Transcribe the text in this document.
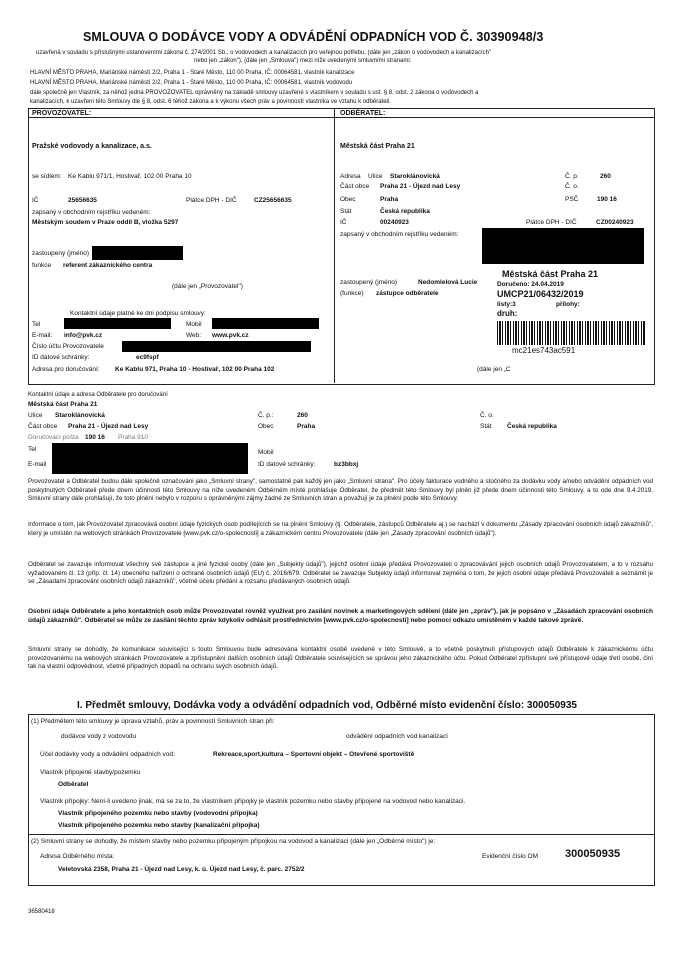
SMLOUVA O DODÁVCE VODY A ODVÁDĚNÍ ODPADNÍCH VOD Č. 30390948/3
uzavřená v souladu s příslušnými ustanoveními zákona č. 274/2001 Sb., o vodovodech a kanalizacích pro veřejnou potřebu, (dále jen „zákon o vodovodech a kanalizacích"
nebo jen „zákon"), (dále jen „Smlouva") mezi níže uvedenými smluvními stranami:
HLAVNÍ MĚSTO PRAHA, Mariánské náměstí 2/2, Praha 1 - Staré Město, 110 00 Praha, IČ: 00064581, vlastník kanalizace
HLAVNÍ MĚSTO PRAHA, Mariánské náměstí 2/2, Praha 1 - Staré Město, 110 00 Praha, IČ: 00064581, vlastník vodovodu
dále společně jen Vlastník, za něhož jedná PROVOZOVATEL oprávněný na základě smlouvy uzavřené s vlastníkem v souladu s ust. § 8, odst. 2 zákona o vodovodech a
kanalizacích, k uzavření této Smlouvy dle § 8, odst. 6 téhož zákona a k výkonu všech práv a povinností vlastníka ve vztahu k odběrateli.
PROVOZOVATEL:
Pražské vodovody a kanalizace, a.s.
se sídlem: Ke Kablu 971/1, Hostivař, 102 00 Praha 10
IČ	25656635	Plátce DPH - DIČ	CZ25656635
zapsaný v obchodním rejstříku vedeném:
Městským soudem v Praze oddíl B, vložka 5297
zastoupený (jméno)
funkce referent zákaznického centra
(dále jen „Provozovatel")
Kontaktní údaje platné ke dni podpisu smlouvy:
Tel	Mobil
E-mail: info@pvk.cz	Web: www.pvk.cz
Číslo účtu Provozovatele
ID datové schránky:	ec9fspf
Adresa pro doručování: Ke Kablu 971, Praha 10 - Hostivař, 102 00 Praha 102
ODBĚRATEL:
Městská část Praha 21
Adresa Ulice Staroklánovická	Č. p.	260
Část obce Praha 21 - Újezd nad Lesy	Č. o.
Obec	Praha	PSČ	190 16
Stát	Česká republika
IČ	00240923	Plátce DPH - DIČ	CZ00240923
zapsaný v obchodním rejstříku vedeném:
zastoupený (jméno)	Nedomlelová Lucie
(funkce) zástupce odběratele
(dále jen „C
Městská část Praha 21
Doručeno: 24.04.2019
UMCP21/06432/2019
listy:3	přílohy:
druh:
mc21es743ac591
Kontaktní údaje a adresa Odběratele pro doručování
Městská část Praha 21
Ulice Staroklánovická	Č. p.:	260	Č. o.
Část obce Praha 21 - Újezd nad Lesy	Obec	Praha	Stát Česká republika
Doručovací pošta 190 16 Praha 910
Tel	Mobil
E-mail	ID datové schránky:	bz3bbxj
Provozovatel a Odběratel budou dále společně označováni jako „Smluvní strany", samostatně pak každý jen jako „Smluvní strana". Pro účely fakturace vodného a stočného za dodávku vody a/nebo odvádění odpadních vod poskytnutých Odběrateli přede dnem účinnosti této Smlouvy na níže uvedeném Odběrném místě prohlašuje Odběratel, že předmět této Smlouvy byl plněn již přede dnem účinnosti této Smlouvy, a to ode dne 9.4.2019. Smluvní strany dále prohlašují, že toto plnění nebylo v rozporu s oprávněnými zájmy žádné ze Smluvních stran a považují je za plnění podle této Smlouvy.
Informace o tom, jak Provozovatel zpracovává osobní údaje fyzických osob podílejících se na plnění Smlouvy (tj. Odběratele, zástupců Odběratele aj.) se nachází v dokumentu „Zásady zpracování osobních údajů zákazníků", který je umístěn na webových stránkách Provozovatele [www.pvk.cz/o-spolecnosti] a zákaznickém centru Provozovatele (dále jen „Zásady zpracování osobních údajů").
Odběratel se zavazuje informovat všechny své zástupce a jiné fyzické osoby (dále jen „Subjekty údajů"), jejichž osobní údaje předává Provozovateli o zpracovávání jejich osobních údajů Provozovatelem, a to v rozsahu vyžadovaném čl. 13 (příp. čl. 14) obecného nařízení o ochraně osobních údajů (EU) č. 2016/679. Odběratel se zavazuje Subjekty údajů informovat zejména o tom, že jejich osobní údaje předává Provozovateli a seznámit je se „Zásadami zpracování osobních údajů zákazníků", včetně účelu předání a rozsahu předávaných osobních údajů.
Osobní údaje Odběratele a jeho kontaktních osob může Provozovatel rovněž využívat pro zasílání novinek a marketingových sdělení (dále jen „zpráv"), jak je popsáno v „Zásadách zpracování osobních údajů zákazníků". Odběratel se může ze zasílání těchto zpráv kdykoliv odhlásit prostřednictvím [www.pvk.cz/o-spolecnosti] nebo pomocí odkazu umístěném v každé takové zprávě.
Smluvní strany se dohodly, že komunikace související s touto Smlouvou bude adresována kontaktní osobě uvedené v této Smlouvě, a to včetně poskytnutí přístupových údajů Odběratele k zákaznickému účtu provozovanému na webových stránkách Provozovatele a zpřístupnění dalších osobních údajů Odběratele souvisejících se správou jeho zákaznického účtu. Pokud Odběratel zpřístupní své přístupové údaje třetí osobě, činí tak na vlastní odpovědnost, včetně případných dopadů na ochranu svých osobních údajů.
I. Předmět smlouvy, Dodávka vody a odvádění odpadních vod, Odběrné místo evidenční číslo: 300050935
(1) Předmětem této smlouvy je úprava vztahů, práv a povinností Smluvních stran při:
dodávce vody z vodovodu	odvádění odpadních vod kanalizací
Účel dodávky vody a odvádění odpadních vod:	Rekreace,sport,kultura – Sportovní objekt – Otevřené sportoviště
Vlastník připojené stavby/pozemku
Odběratel
Vlastník přípojky: Není-li uvedeno jinak, má se za to, že vlastníkem přípojky je vlastník pozemku nebo stavby připojené na vodovod nebo kanalizaci.
Vlastník připojeného pozemku nebo stavby (vodovodní přípojka)
Vlastník připojeného pozemku nebo stavby (kanalizační přípojka)
(2) Smluvní strany se dohodly, že místem stavby nebo pozemku připojeným přípojkou na vodovod a kanalizaci (dále jen „Odběrné místo") je:
Adresa Odběrného místa:
Veletovská 2358, Praha 21 - Újezd nad Lesy, k. ú. Újezd nad Lesy, č. parc. 2752/2
Evidenční číslo OM 300050935
36580418
